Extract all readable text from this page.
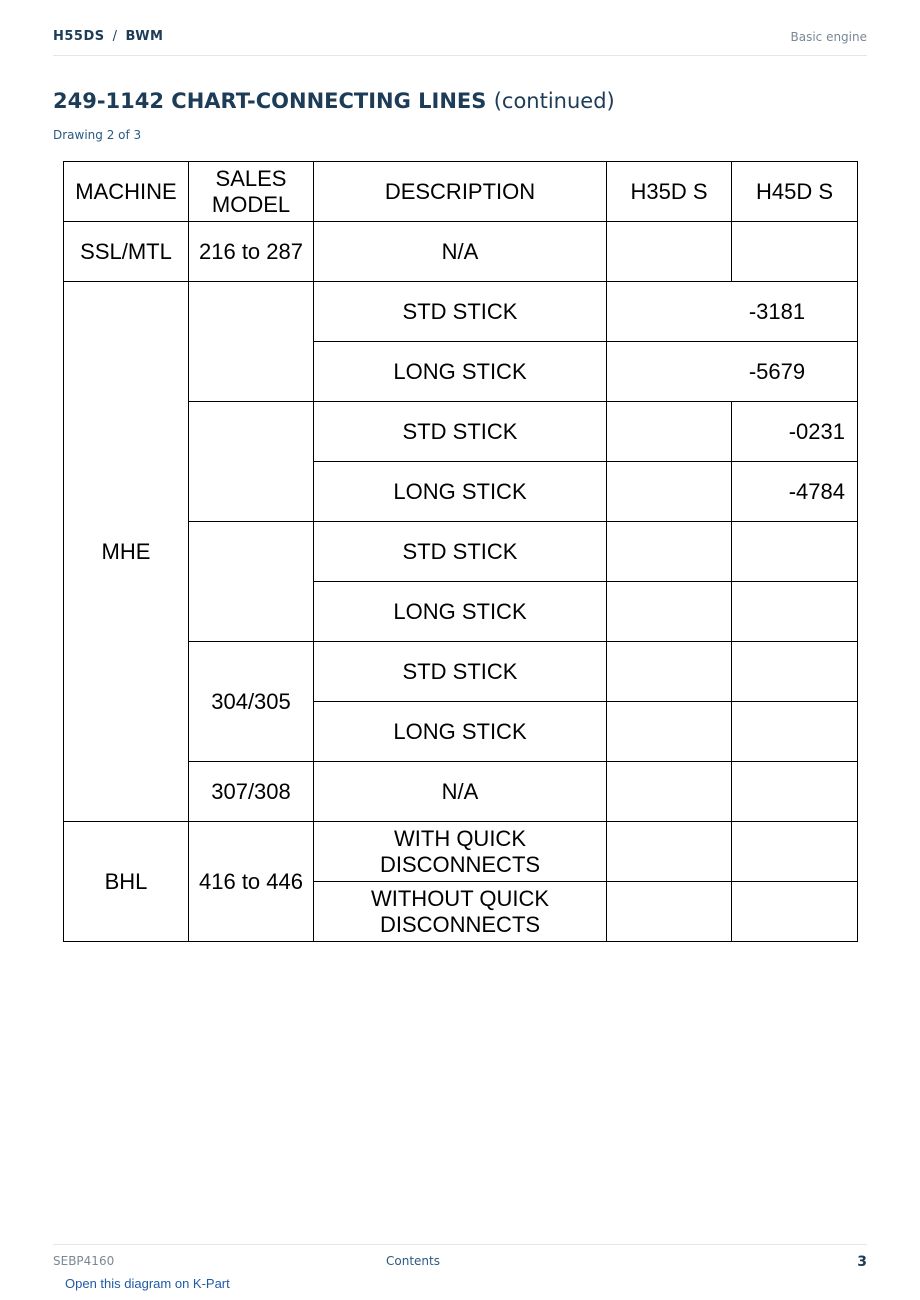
H55DS / BWM	Basic engine
249-1142 CHART-CONNECTING LINES (continued)
Drawing 2 of 3
MACHINE	SALES MODEL	DESCRIPTION	H35D S	H45D S
SSL/MTL	216 to 287	N/A		
MHE		STD STICK	-3181	
		LONG STICK	-5679	
		STD STICK		-0231
		LONG STICK		-4784
		STD STICK		
		LONG STICK		
	304/305	STD STICK		
		LONG STICK		
	307/308	N/A		
BHL	416 to 446	WITH QUICK DISCONNECTS		
		WITHOUT QUICK DISCONNECTS		
SEBP4160	Contents	3
Open this diagram on K-Part
